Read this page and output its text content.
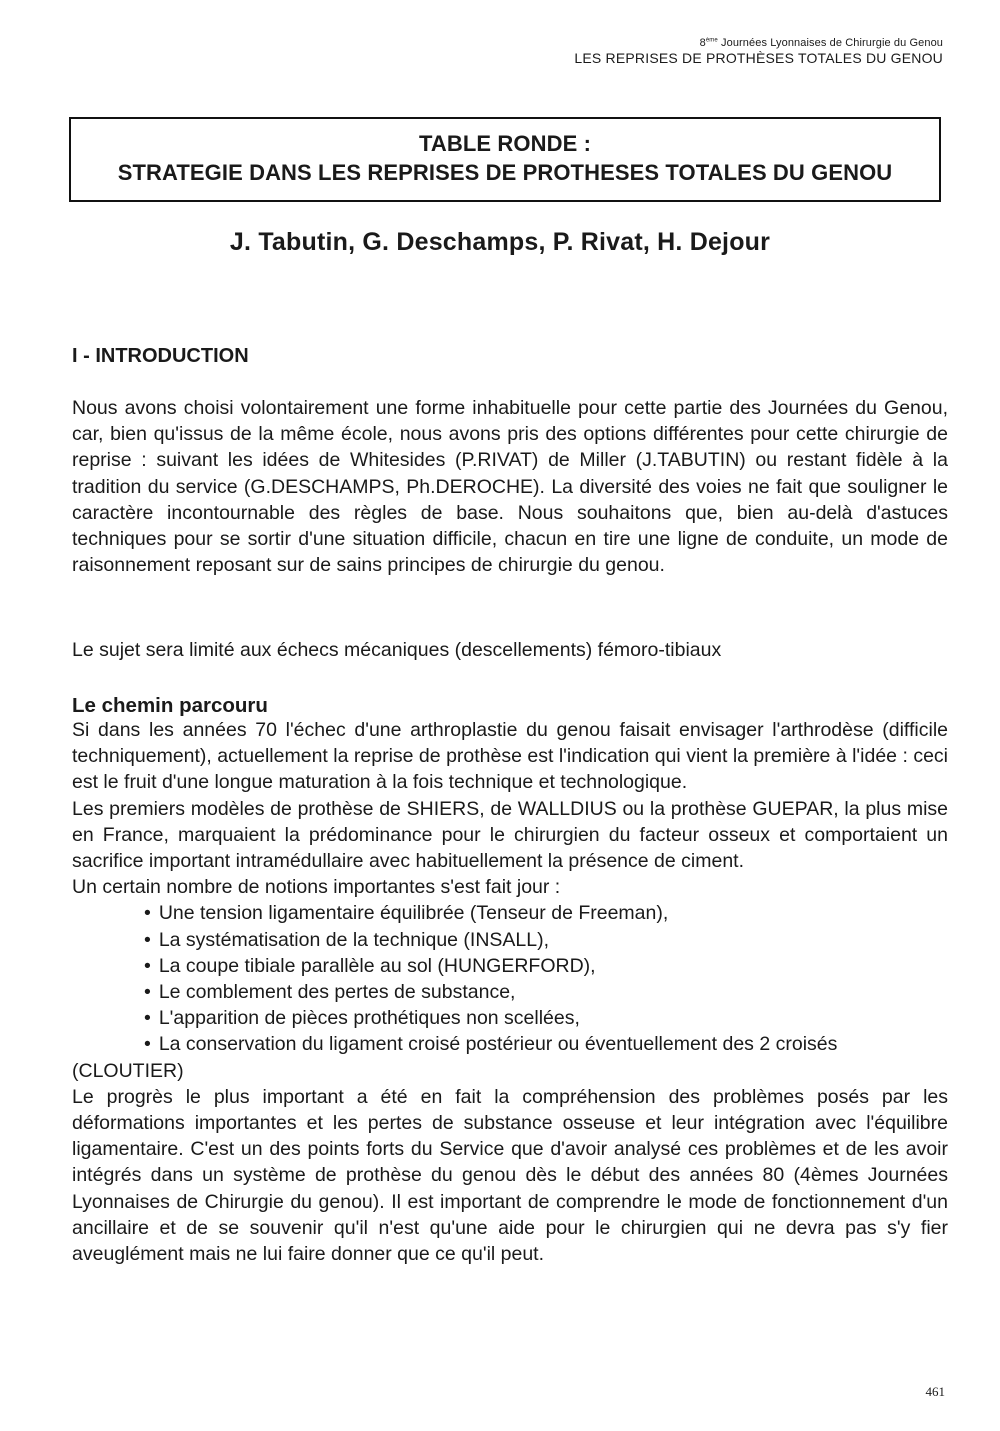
8ème Journées Lyonnaises de Chirurgie du Genou
LES REPRISES DE PROTHÈSES TOTALES DU GENOU
TABLE RONDE :
STRATEGIE DANS LES REPRISES DE PROTHESES TOTALES DU GENOU
J. Tabutin, G. Deschamps, P. Rivat, H. Dejour
I - INTRODUCTION

Nous avons choisi volontairement une forme inhabituelle pour cette partie des Journées du Genou, car, bien qu'issus de la même école, nous avons pris des options différentes pour cette chirurgie de reprise : suivant les idées de Whitesides (P.RIVAT) de Miller (J.TABUTIN) ou restant fidèle à la tradition du service (G.DESCHAMPS, Ph.DEROCHE). La diversité des voies ne fait que souligner le caractère incontournable des règles de base. Nous souhaitons que, bien au-delà d'astuces techniques pour se sortir d'une situation difficile, chacun en tire une ligne de conduite, un mode de raisonnement reposant sur de sains principes de chirurgie du genou.

Le sujet sera limité aux échecs mécaniques (descellements) fémoro-tibiaux

Le chemin parcouru

Si dans les années 70 l'échec d'une arthroplastie du genou faisait envisager l'arthrodèse (difficile techniquement), actuellement la reprise de prothèse est l'indication qui vient la première à l'idée : ceci est le fruit d'une longue maturation à la fois technique et technologique.

Les premiers modèles de prothèse de SHIERS, de WALLDIUS ou la prothèse GUEPAR, la plus mise en France, marquaient la prédominance pour le chirurgien du facteur osseux et comportaient un sacrifice important intramédullaire avec habituellement la présence de ciment.

Un certain nombre de notions importantes s'est fait jour :

• Une tension ligamentaire équilibrée (Tenseur de Freeman),
• La systématisation de la technique (INSALL),
• La coupe tibiale parallèle au sol (HUNGERFORD),
• Le comblement des pertes de substance,
• L'apparition de pièces prothétiques non scellées,
• La conservation du ligament croisé postérieur ou éventuellement des 2 croisés

(CLOUTIER)

Le progrès le plus important a été en fait la compréhension des problèmes posés par les déformations importantes et les pertes de substance osseuse et leur intégration avec l'équilibre ligamentaire. C'est un des points forts du Service que d'avoir analysé ces problèmes et de les avoir intégrés dans un système de prothèse du genou dès le début des années 80 (4èmes Journées Lyonnaises de Chirurgie du genou). Il est important de comprendre le mode de fonctionnement d'un ancillaire et de se souvenir qu'il n'est qu'une aide pour le chirurgien qui ne devra pas s'y fier aveuglément mais ne lui faire donner que ce qu'il peut.

461
